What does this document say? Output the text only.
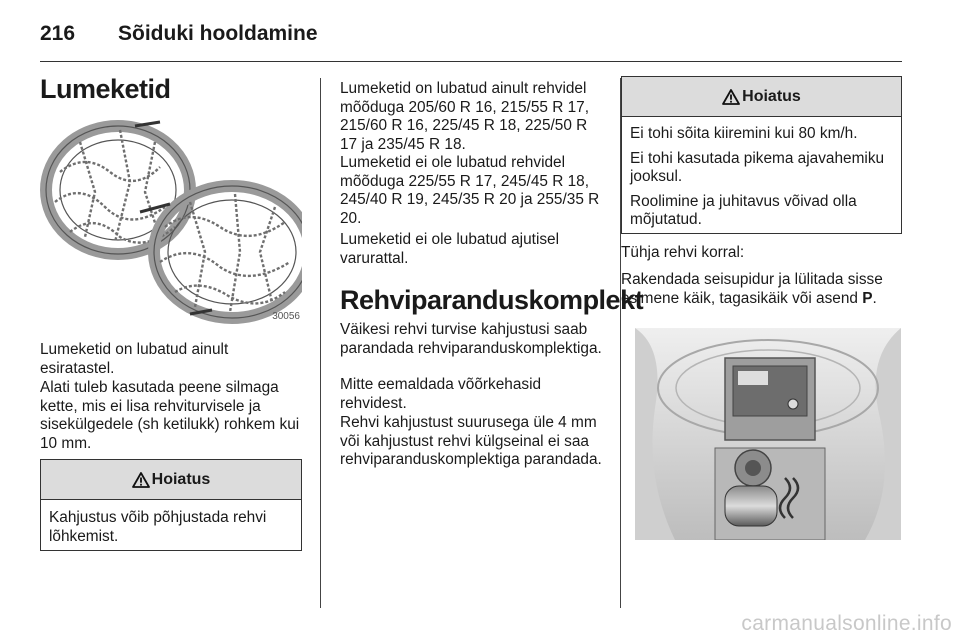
216 Sõiduki hooldamine
Lumeketid
30056
Lumeketid on lubatud ainult esiratastel.
Alati tuleb kasutada peene silmaga kette, mis ei lisa rehviturvisele ja sisekülgedele (sh ketilukk) rohkem kui 10 mm.
Hoiatus
Kahjustus võib põhjustada rehvi lõhkemist.
Lumeketid on lubatud ainult rehvidel mõõduga 205/60 R 16, 215/55 R 17, 215/60 R 16, 225/45 R 18, 225/50 R 17 ja 235/45 R 18.
Lumeketid ei ole lubatud rehvidel mõõduga 225/55 R 17, 245/45 R 18, 245/40 R 19, 245/35 R 20 ja 255/35 R 20.
Lumeketid ei ole lubatud ajutisel varurattal.
Rehviparanduskomplekt
Väikesi rehvi turvise kahjustusi saab parandada rehviparanduskomplektiga.
Mitte eemaldada võõrkehasid rehvidest.
Rehvi kahjustust suurusega üle 4 mm või kahjustust rehvi külgseinal ei saa rehviparanduskomplektiga parandada.
Hoiatus
Ei tohi sõita kiiremini kui 80 km/h.
Ei tohi kasutada pikema ajavahemiku jooksul.
Roolimine ja juhitavus võivad olla mõjutatud.
Tühja rehvi korral:
Rakendada seisupidur ja lülitada sisse esimene käik, tagasikäik või asend P.
carmanualsonline.info
